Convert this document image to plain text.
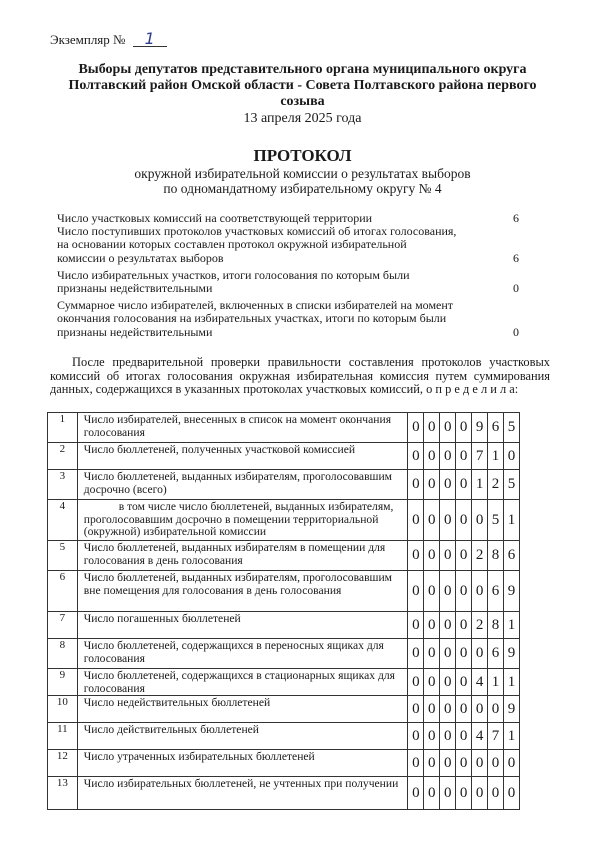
Экземпляр № 1
Выборы депутатов представительного органа муниципального округа Полтавский район Омской области - Совета Полтавского района первого созыва
13 апреля 2025 года
ПРОТОКОЛ
окружной избирательной комиссии о результатах выборов
по одномандатному избирательному округу № 4
Число участковых комиссий на соответствующей территории	6
Число поступивших протоколов участковых комиссий об итогах голосования, на основании которых составлен протокол окружной избирательной комиссии о результатах выборов	6
Число избирательных участков, итоги голосования по которым были признаны недействительными	0
Суммарное число избирателей, включенных в списки избирателей на момент окончания голосования на избирательных участках, итоги по которым были признаны недействительными	0
После предварительной проверки правильности составления протоколов участковых комиссий об итогах голосования окружная избирательная комиссия путем суммирования данных, содержащихся в указанных протоколах участковых комиссий, о п р е д е л и л а:
1	Число избирателей, внесенных в список на момент окончания голосования	0	0	0	0	9	6	5
2	Число бюллетеней, полученных участковой комиссией	0	0	0	0	7	1	0
3	Число бюллетеней, выданных избирателям, проголосовавшим досрочно (всего)	0	0	0	0	1	2	5
4	в том числе число бюллетеней, выданных избирателям, проголосовавшим досрочно в помещении территориальной (окружной) избирательной комиссии	0	0	0	0	0	5	1
5	Число бюллетеней, выданных избирателям в помещении для голосования в день голосования	0	0	0	0	2	8	6
6	Число бюллетеней, выданных избирателям, проголосовавшим вне помещения для голосования в день голосования	0	0	0	0	0	6	9
7	Число погашенных бюллетеней	0	0	0	0	2	8	1
8	Число бюллетеней, содержащихся в переносных ящиках для голосования	0	0	0	0	0	6	9
9	Число бюллетеней, содержащихся в стационарных ящиках для голосования	0	0	0	0	4	1	1
10	Число недействительных бюллетеней	0	0	0	0	0	0	9
11	Число действительных бюллетеней	0	0	0	0	4	7	1
12	Число утраченных избирательных бюллетеней	0	0	0	0	0	0	0
13	Число избирательных бюллетеней, не учтенных при получении	0	0	0	0	0	0	0
